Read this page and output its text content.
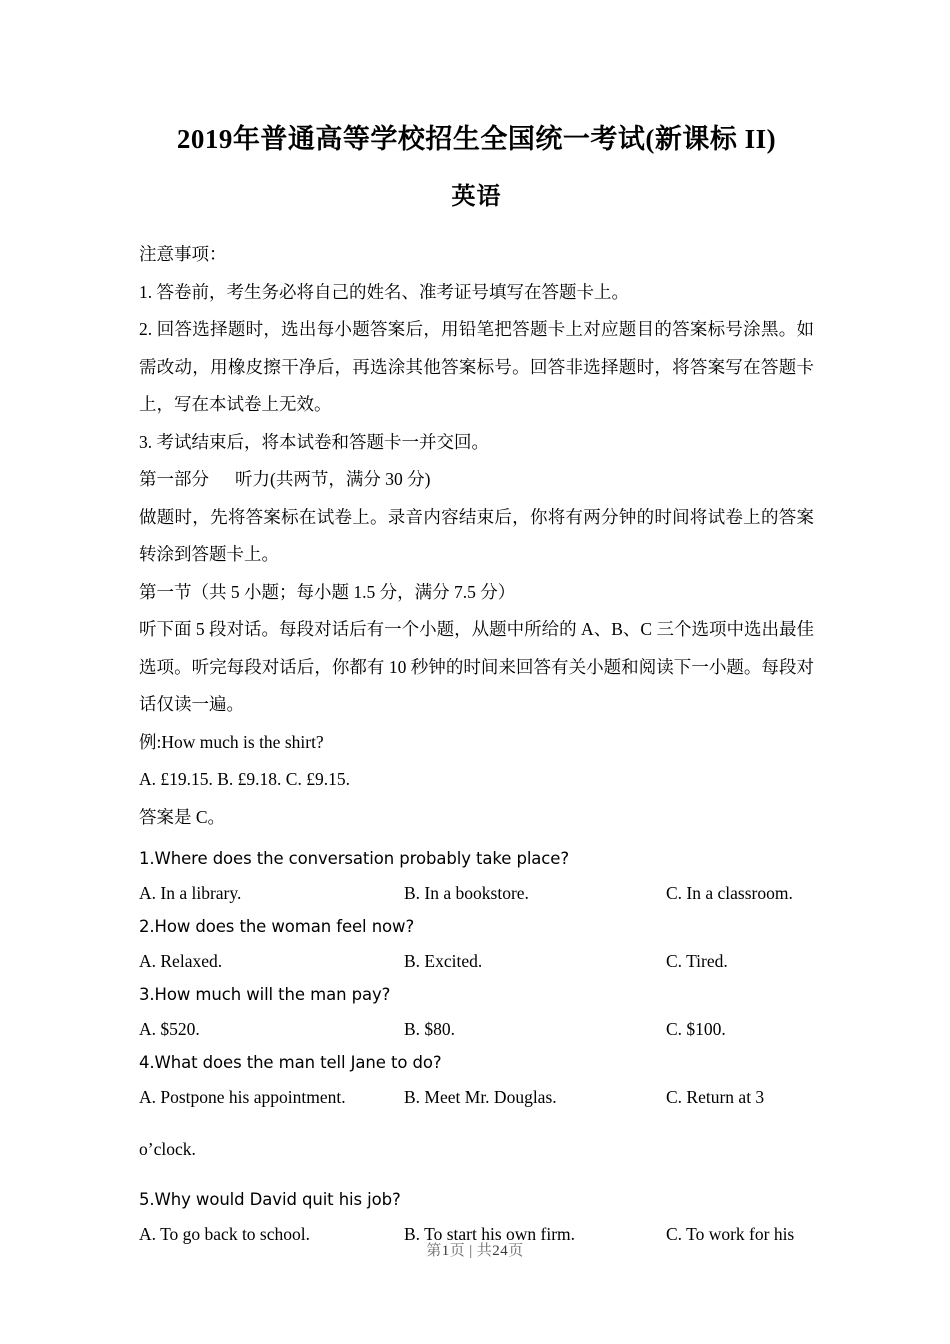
2019年普通高等学校招生全国统一考试(新课标 II)
英语

注意事项：

1. 答卷前，考生务必将自己的姓名、准考证号填写在答题卡上。

2. 回答选择题时，选出每小题答案后，用铅笔把答题卡上对应题目的答案标号涂黑。如需改动，用橡皮擦干净后，再选涂其他答案标号。回答非选择题时，将答案写在答题卡上，写在本试卷上无效。

3. 考试结束后，将本试卷和答题卡一并交回。

第一部分 听力(共两节，满分 30 分)

做题时，先将答案标在试卷上。录音内容结束后，你将有两分钟的时间将试卷上的答案转涂到答题卡上。

第一节（共 5 小题；每小题 1.5 分，满分 7.5 分）

听下面 5 段对话。每段对话后有一个小题，从题中所给的 A、B、C 三个选项中选出最佳选项。听完每段对话后，你都有 10 秒钟的时间来回答有关小题和阅读下一小题。每段对话仅读一遍。

例:How much is the shirt?

A. £19.15. B. £9.18. C. £9.15.

答案是 C。

1.Where does the conversation probably take place?

A. In a library.	B. In a bookstore.	C. In a classroom.

2.How does the woman feel now?

A. Relaxed.	B. Excited.	C. Tired.

3.How much will the man pay?

A. $520.	B. $80.	C. $100.

4.What does the man tell Jane to do?

A. Postpone his appointment.	B. Meet Mr. Douglas.	C. Return at 3

o’clock.

5.Why would David quit his job?

A. To go back to school.	B. To start his own firm.	C. To work for his
第1页 | 共24页
